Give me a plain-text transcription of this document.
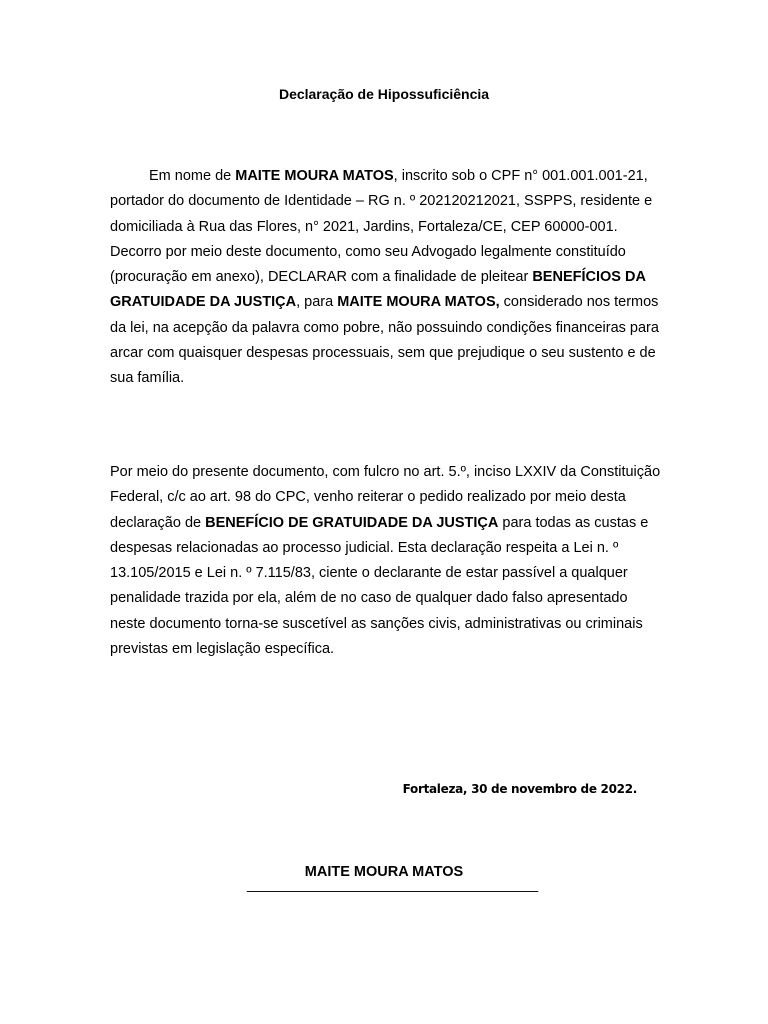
Declaração de Hipossuficiência

Em nome de MAITE MOURA MATOS, inscrito sob o CPF n° 001.001.001-21, portador do documento de Identidade – RG n. º 202120212021, SSPPS, residente e domiciliada à Rua das Flores, n° 2021, Jardins, Fortaleza/CE, CEP 60000-001. Decorro por meio deste documento, como seu Advogado legalmente constituído (procuração em anexo), DECLARAR com a finalidade de pleitear BENEFÍCIOS DA GRATUIDADE DA JUSTIÇA, para MAITE MOURA MATOS, considerado nos termos da lei, na acepção da palavra como pobre, não possuindo condições financeiras para arcar com quaisquer despesas processuais, sem que prejudique o seu sustento e de sua família.

Por meio do presente documento, com fulcro no art. 5.º, inciso LXXIV da Constituição Federal, c/c ao art. 98 do CPC, venho reiterar o pedido realizado por meio desta declaração de BENEFÍCIO DE GRATUIDADE DA JUSTIÇA para todas as custas e despesas relacionadas ao processo judicial. Esta declaração respeita a Lei n. º 13.105/2015 e Lei n. º 7.115/83, ciente o declarante de estar passível a qualquer penalidade trazida por ela, além de no caso de qualquer dado falso apresentado neste documento torna-se suscetível as sanções civis, administrativas ou criminais previstas em legislação específica.

Fortaleza, 30 de novembro de 2022.

MAITE MOURA MATOS

_____________________________________
